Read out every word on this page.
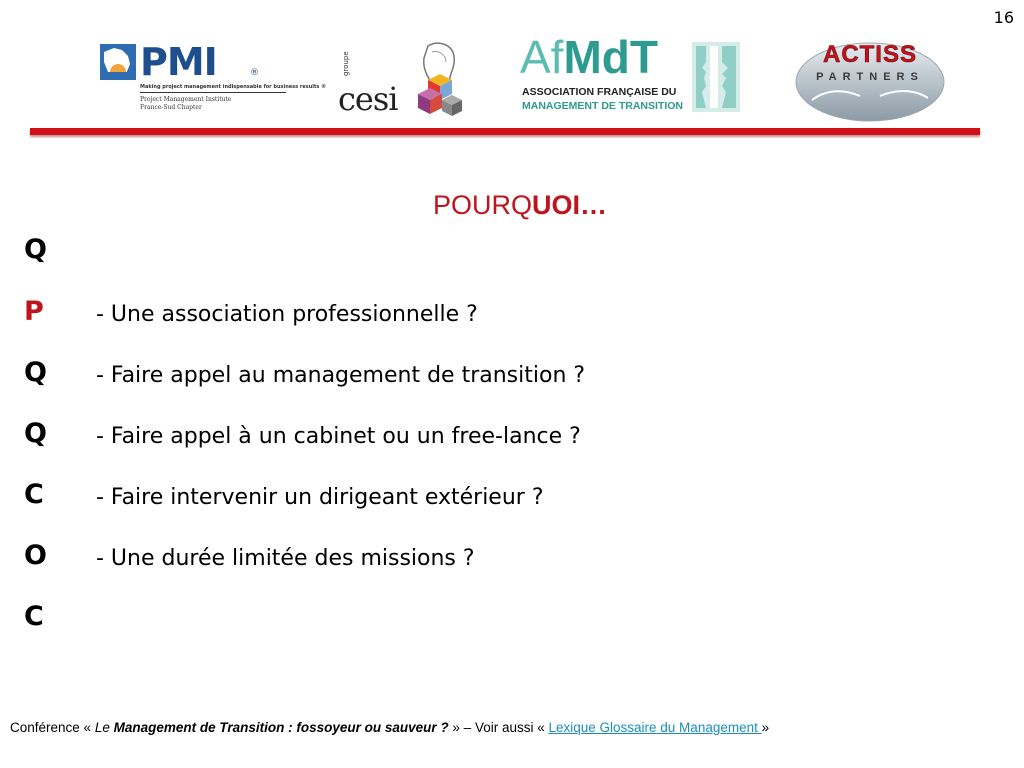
16
PMI	®
Making project management indispensable for business results ®
Project Management Institute
France-Sud Chapter
groupe
cesi
AfMdT
ASSOCIATION FRANÇAISE DU
MANAGEMENT DE TRANSITION
ACTISS
PARTNERS
POURQUOI…
Q
P - Une association professionnelle ?
Q - Faire appel au management de transition ?
Q - Faire appel à un cabinet ou un free-lance ?
C - Faire intervenir un dirigeant extérieur ?
O - Une durée limitée des missions ?
C
Conférence « Le Management de Transition : fossoyeur ou sauveur ? » – Voir aussi « Lexique Glossaire du Management »
